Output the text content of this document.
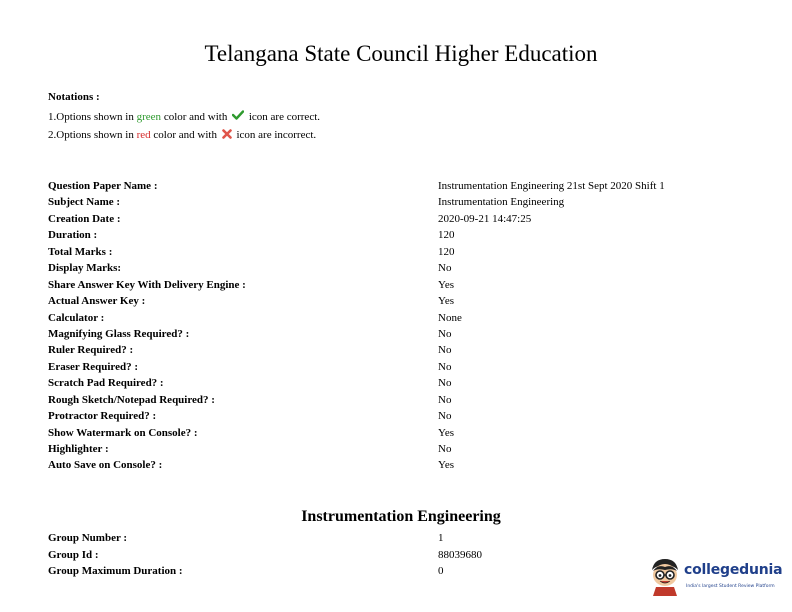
Telangana State Council Higher Education
Notations :
1.Options shown in green color and with icon are correct.
2.Options shown in red color and with icon are incorrect.
Question Paper Name :	Instrumentation Engineering 21st Sept 2020 Shift 1
Subject Name :	Instrumentation Engineering
Creation Date :	2020-09-21 14:47:25
Duration :	120
Total Marks :	120
Display Marks:	No
Share Answer Key With Delivery Engine :	Yes
Actual Answer Key :	Yes
Calculator :	None
Magnifying Glass Required? :	No
Ruler Required? :	No
Eraser Required? :	No
Scratch Pad Required? :	No
Rough Sketch/Notepad Required? :	No
Protractor Required? :	No
Show Watermark on Console? :	Yes
Highlighter :	No
Auto Save on Console? :	Yes
Instrumentation Engineering
Group Number :	1
Group Id :	88039680
Group Maximum Duration :	0	collegedunia
India's largest Student Review Platform
